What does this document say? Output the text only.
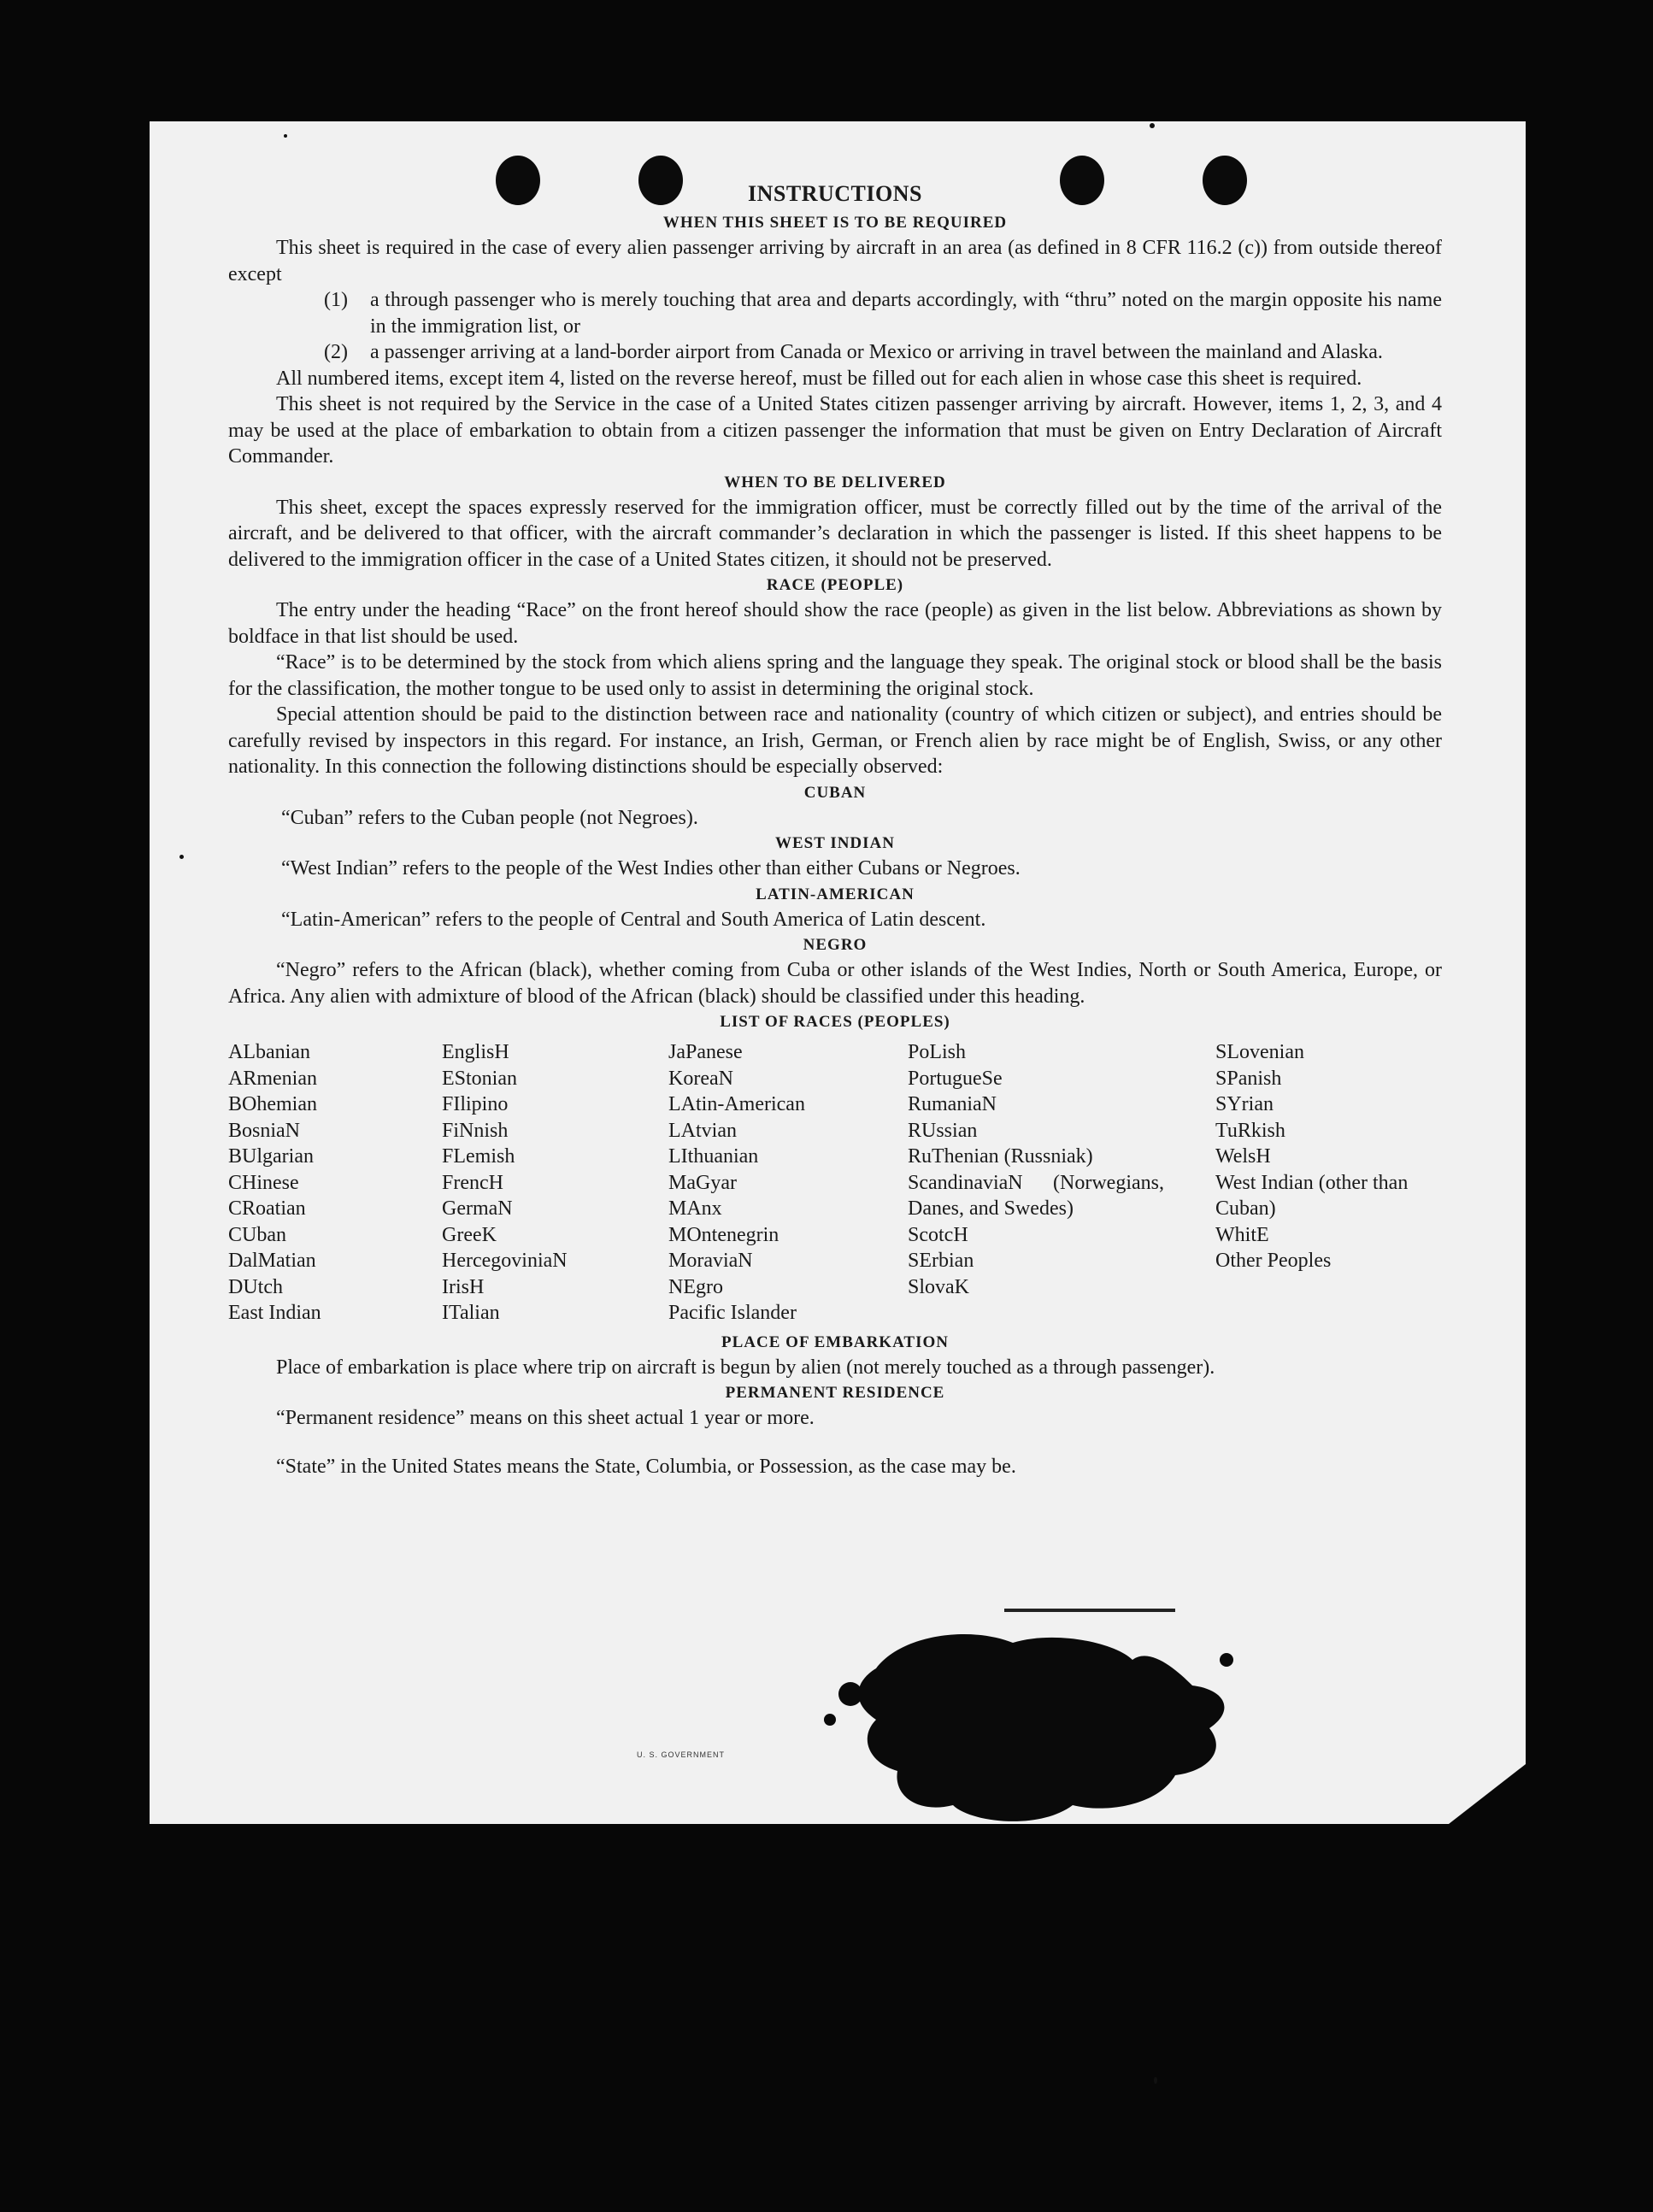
INSTRUCTIONS
WHEN THIS SHEET IS TO BE REQUIRED

This sheet is required in the case of every alien passenger arriving by aircraft in an area (as defined in 8 CFR 116.2 (c)) from outside thereof except

(1)	a through passenger who is merely touching that area and departs accordingly, with “thru” noted on the margin opposite his name in the immigration list, or
(2)	a passenger arriving at a land-border airport from Canada or Mexico or arriving in travel between the mainland and Alaska.

All numbered items, except item 4, listed on the reverse hereof, must be filled out for each alien in whose case this sheet is required.

This sheet is not required by the Service in the case of a United States citizen passenger arriving by aircraft. However, items 1, 2, 3, and 4 may be used at the place of embarkation to obtain from a citizen passenger the information that must be given on Entry Declaration of Aircraft Commander.

WHEN TO BE DELIVERED

This sheet, except the spaces expressly reserved for the immigration officer, must be correctly filled out by the time of the arrival of the aircraft, and be delivered to that officer, with the aircraft commander’s declaration in which the passenger is listed. If this sheet happens to be delivered to the immigration officer in the case of a United States citizen, it should not be preserved.

RACE (PEOPLE)

The entry under the heading “Race” on the front hereof should show the race (people) as given in the list below. Abbreviations as shown by boldface in that list should be used.

“Race” is to be determined by the stock from which aliens spring and the language they speak. The original stock or blood shall be the basis for the classification, the mother tongue to be used only to assist in determining the original stock.

Special attention should be paid to the distinction between race and nationality (country of which citizen or subject), and entries should be carefully revised by inspectors in this regard. For instance, an Irish, German, or French alien by race might be of English, Swiss, or any other nationality. In this connection the following distinctions should be especially observed:

CUBAN
“Cuban” refers to the Cuban people (not Negroes).
WEST INDIAN
“West Indian” refers to the people of the West Indies other than either Cubans or Negroes.
LATIN-AMERICAN
“Latin-American” refers to the people of Central and South America of Latin descent.
NEGRO

“Negro” refers to the African (black), whether coming from Cuba or other islands of the West Indies, North or South America, Europe, or Africa. Any alien with admixture of blood of the African (black) should be classified under this heading.

LIST OF RACES (PEOPLES)
ALbanian
ARmenian
BOhemian
BosniaN
BUlgarian
CHinese
CRoatian
CUban
DalMatian
DUtch
East Indian
EnglisH
EStonian
FIlipino
FiNnish
FLemish
FrencH
GermaN
GreeK
HercegoviniaN
IrisH
ITalian
JaPanese
KoreaN
LAtin-American
LAtvian
LIthuanian
MaGyar
MAnx
MOntenegrin
MoraviaN
NEgro
Pacific Islander
PoLish
PortugueSe
RumaniaN
RUssian
RuThenian (Russniak)
ScandinaviaN (Norwegians, Danes, and Swedes)
ScotcH
SErbian
SlovaK
SLovenian
SPanish
SYrian
TuRkish
WelsH
West Indian (other than Cuban)
WhitE
Other Peoples
PLACE OF EMBARKATION

Place of embarkation is place where trip on aircraft is begun by alien (not merely touched as a through passenger).

PERMANENT RESIDENCE

“Permanent residence” means on this sheet actual 1 year or more.

“State” in the United States means the State, Columbia, or Possession, as the case may be.

U. S. GOVERNMENT
